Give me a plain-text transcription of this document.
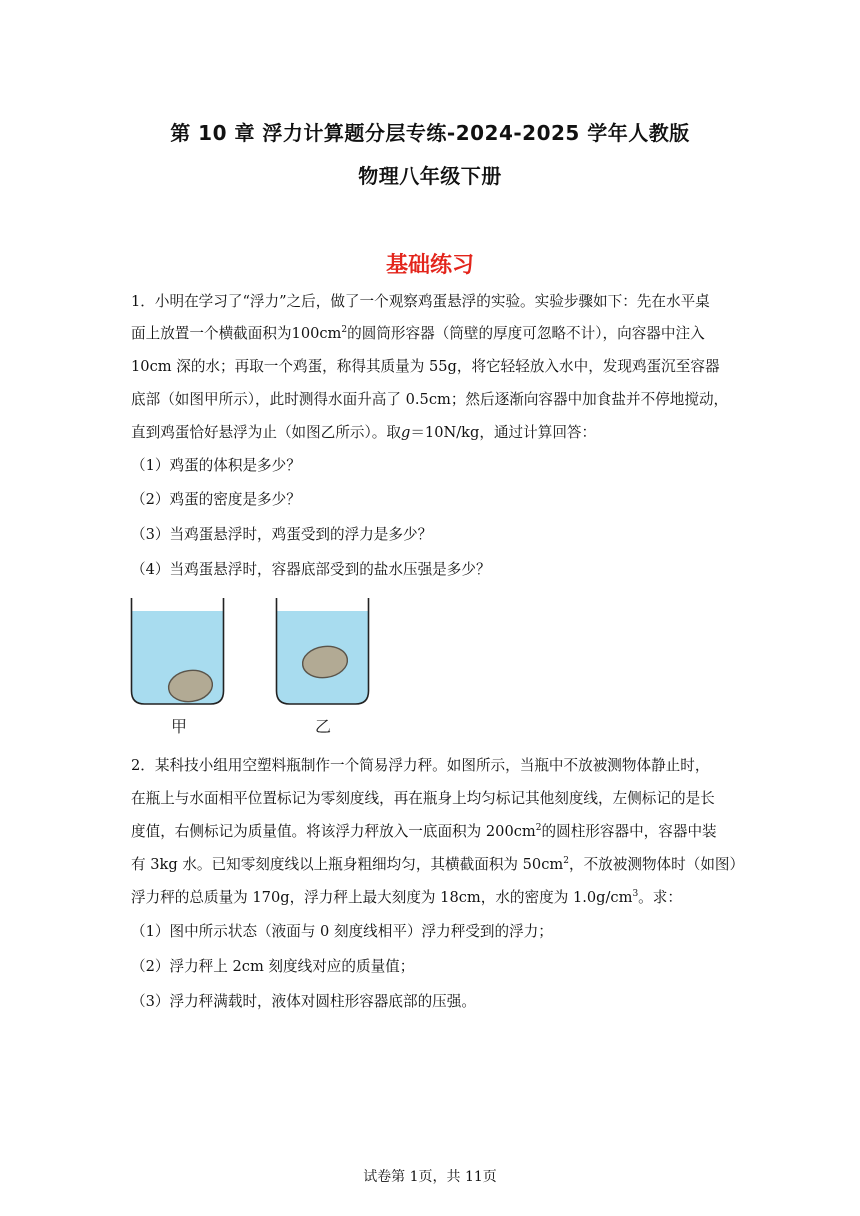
第 10 章 浮力计算题分层专练-2024-2025 学年人教版
物理八年级下册
基础练习
1．小明在学习了“浮力”之后，做了一个观察鸡蛋悬浮的实验。实验步骤如下：先在水平桌
面上放置一个横截面积为$100cm^2$的圆筒形容器（筒壁的厚度可忽略不计），向容器中注入
10cm 深的水；再取一个鸡蛋，称得其质量为 55g，将它轻轻放入水中，发现鸡蛋沉至容器
底部（如图甲所示），此时测得水面升高了 0.5cm；然后逐渐向容器中加食盐并不停地搅动，
直到鸡蛋恰好悬浮为止（如图乙所示）。取g＝10N/kg，通过计算回答：
（1）鸡蛋的体积是多少？
（2）鸡蛋的密度是多少？
（3）当鸡蛋悬浮时，鸡蛋受到的浮力是多少？
（4）当鸡蛋悬浮时，容器底部受到的盐水压强是多少？
甲	乙
2．某科技小组用空塑料瓶制作一个简易浮力秤。如图所示，当瓶中不放被测物体静止时，
在瓶上与水面相平位置标记为零刻度线，再在瓶身上均匀标记其他刻度线，左侧标记的是长
度值，右侧标记为质量值。将该浮力秤放入一底面积为 $200cm^2$的圆柱形容器中，容器中装
有 3kg 水。已知零刻度线以上瓶身粗细均匀，其横截面积为 $50cm^2$，不放被测物体时（如图）
浮力秤的总质量为 170g，浮力秤上最大刻度为 18cm，水的密度为 $1.0g/cm^3$。求：
（1）图中所示状态（液面与 0 刻度线相平）浮力秤受到的浮力；
（2）浮力秤上 2cm 刻度线对应的质量值；
（3）浮力秤满载时，液体对圆柱形容器底部的压强。
试卷第 1页，共 11页
